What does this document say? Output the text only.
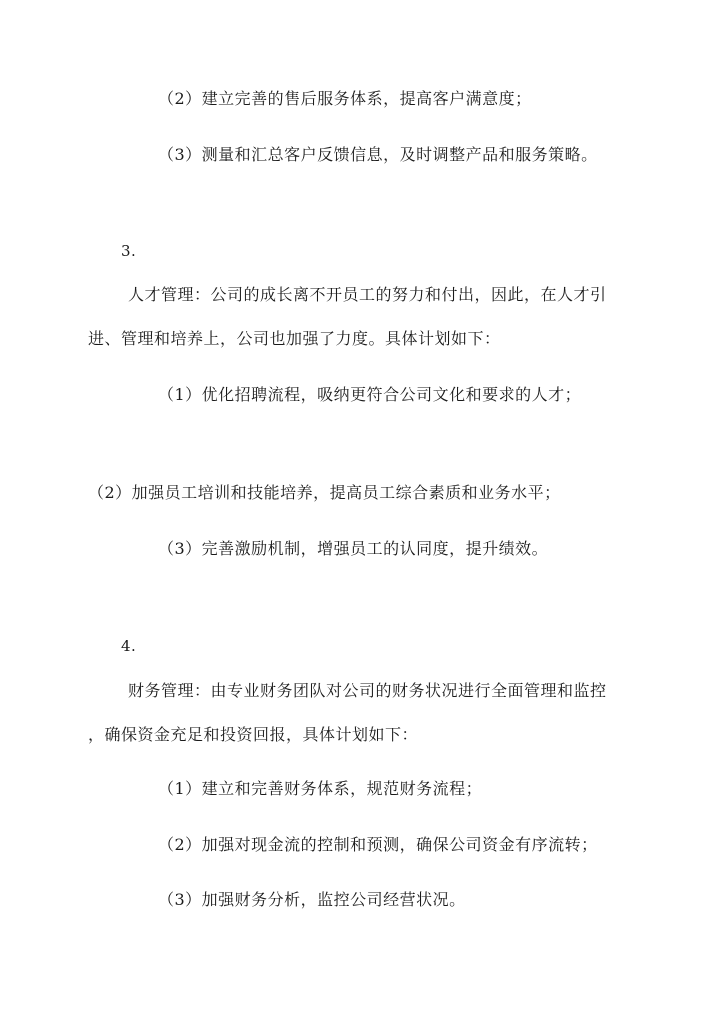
（2）建立完善的售后服务体系，提高客户满意度；
（3）测量和汇总客户反馈信息，及时调整产品和服务策略。
3.
人才管理：公司的成长离不开员工的努力和付出，因此，在人才引
进、管理和培养上，公司也加强了力度。具体计划如下：
（1）优化招聘流程，吸纳更符合公司文化和要求的人才；
（2）加强员工培训和技能培养，提高员工综合素质和业务水平；
（3）完善激励机制，增强员工的认同度，提升绩效。
4.
财务管理：由专业财务团队对公司的财务状况进行全面管理和监控
，确保资金充足和投资回报，具体计划如下：
（1）建立和完善财务体系，规范财务流程；
（2）加强对现金流的控制和预测，确保公司资金有序流转；
（3）加强财务分析，监控公司经营状况。
